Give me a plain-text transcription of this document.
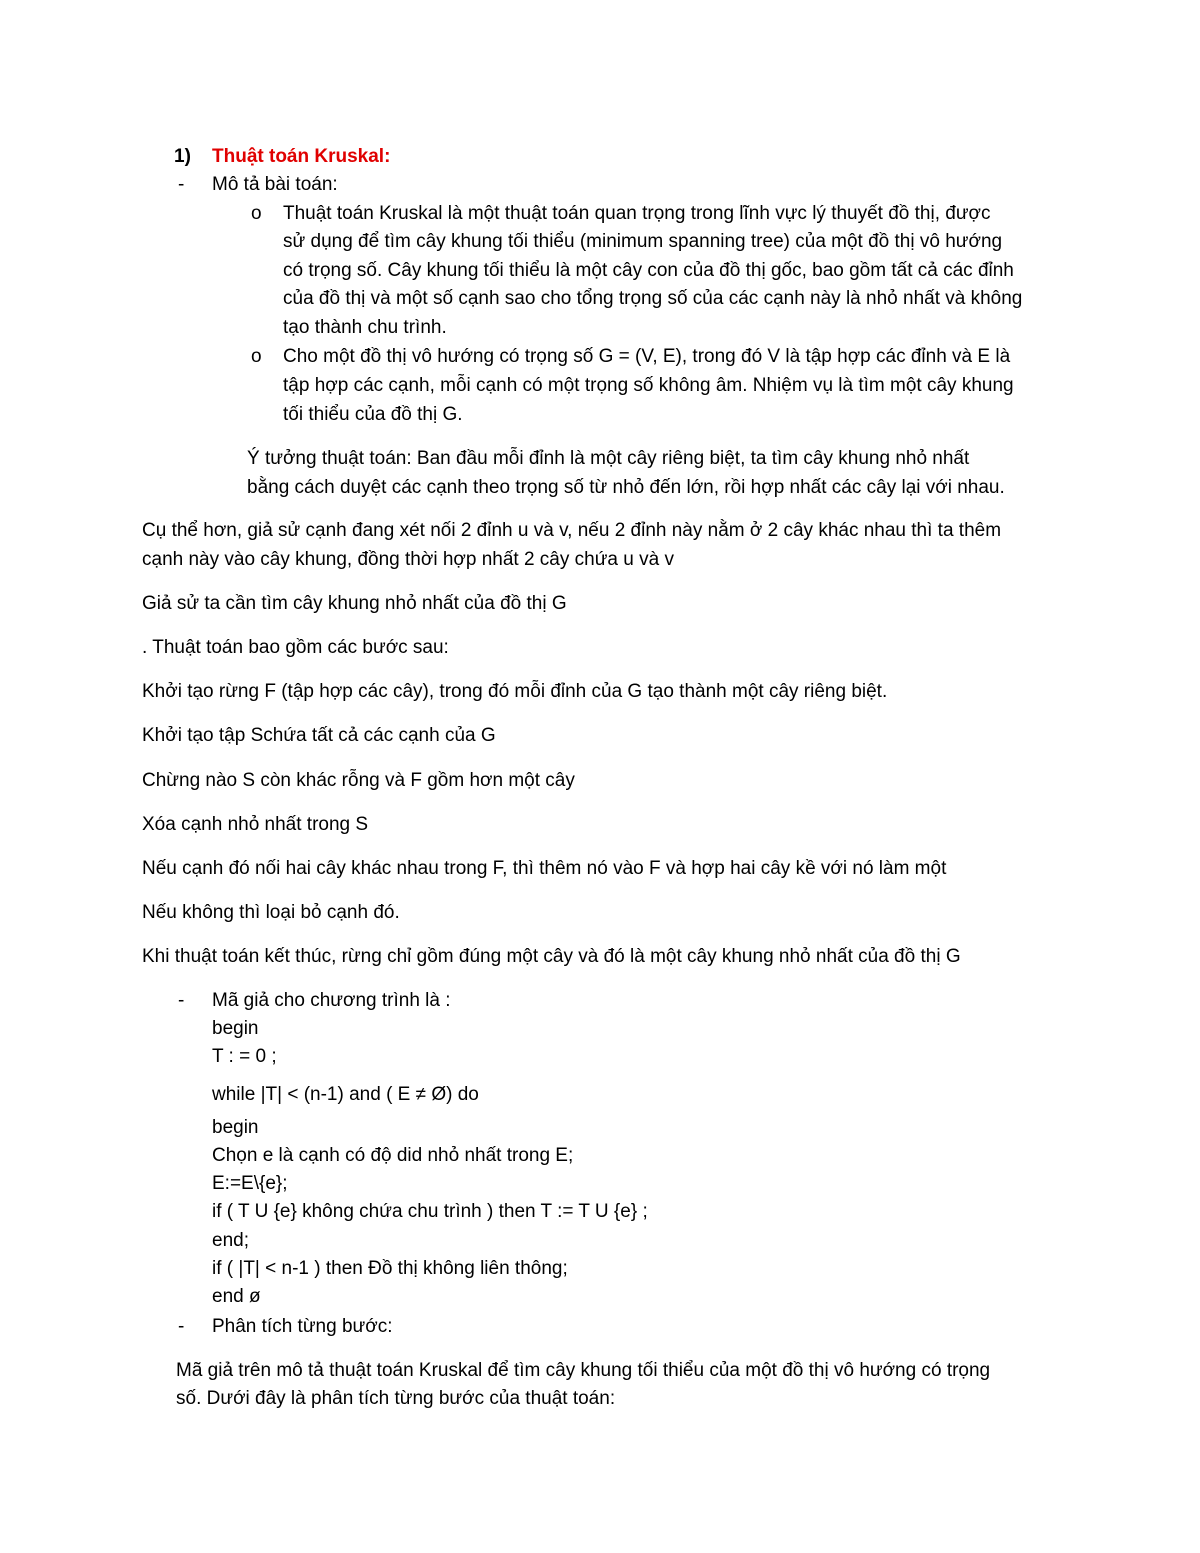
1) Thuật toán Kruskal:
- Mô tả bài toán:
o Thuật toán Kruskal là một thuật toán quan trọng trong lĩnh vực lý thuyết đồ thị, được
sử dụng để tìm cây khung tối thiểu (minimum spanning tree) của một đồ thị vô hướng
có trọng số. Cây khung tối thiểu là một cây con của đồ thị gốc, bao gồm tất cả các đỉnh
của đồ thị và một số cạnh sao cho tổng trọng số của các cạnh này là nhỏ nhất và không
tạo thành chu trình.
o Cho một đồ thị vô hướng có trọng số G = (V, E), trong đó V là tập hợp các đỉnh và E là
tập hợp các cạnh, mỗi cạnh có một trọng số không âm. Nhiệm vụ là tìm một cây khung
tối thiểu của đồ thị G.
Ý tưởng thuật toán: Ban đầu mỗi đỉnh là một cây riêng biệt, ta tìm cây khung nhỏ nhất
bằng cách duyệt các cạnh theo trọng số từ nhỏ đến lớn, rồi hợp nhất các cây lại với nhau.
Cụ thể hơn, giả sử cạnh đang xét nối 2 đỉnh u và v, nếu 2 đỉnh này nằm ở 2 cây khác nhau thì ta thêm
cạnh này vào cây khung, đồng thời hợp nhất 2 cây chứa u và v
Giả sử ta cần tìm cây khung nhỏ nhất của đồ thị G
. Thuật toán bao gồm các bước sau:
Khởi tạo rừng F (tập hợp các cây), trong đó mỗi đỉnh của G tạo thành một cây riêng biệt.
Khởi tạo tập Schứa tất cả các cạnh của G
Chừng nào S còn khác rỗng và F gồm hơn một cây
Xóa cạnh nhỏ nhất trong S
Nếu cạnh đó nối hai cây khác nhau trong F, thì thêm nó vào F và hợp hai cây kề với nó làm một
Nếu không thì loại bỏ cạnh đó.
Khi thuật toán kết thúc, rừng chỉ gồm đúng một cây và đó là một cây khung nhỏ nhất của đồ thị G
- Mã giả cho chương trình là :
begin
T : = 0 ;
while |T| < (n-1) and ( E ≠ Ø) do
begin
Chọn e là cạnh có độ did nhỏ nhất trong E;
E:=E\{e};
if ( T U {e} không chứa chu trình ) then T := T U {e} ;
end;
if ( |T| < n-1 ) then Đồ thị không liên thông;
end ø
- Phân tích từng bước:
Mã giả trên mô tả thuật toán Kruskal để tìm cây khung tối thiểu của một đồ thị vô hướng có trọng
số. Dưới đây là phân tích từng bước của thuật toán:
